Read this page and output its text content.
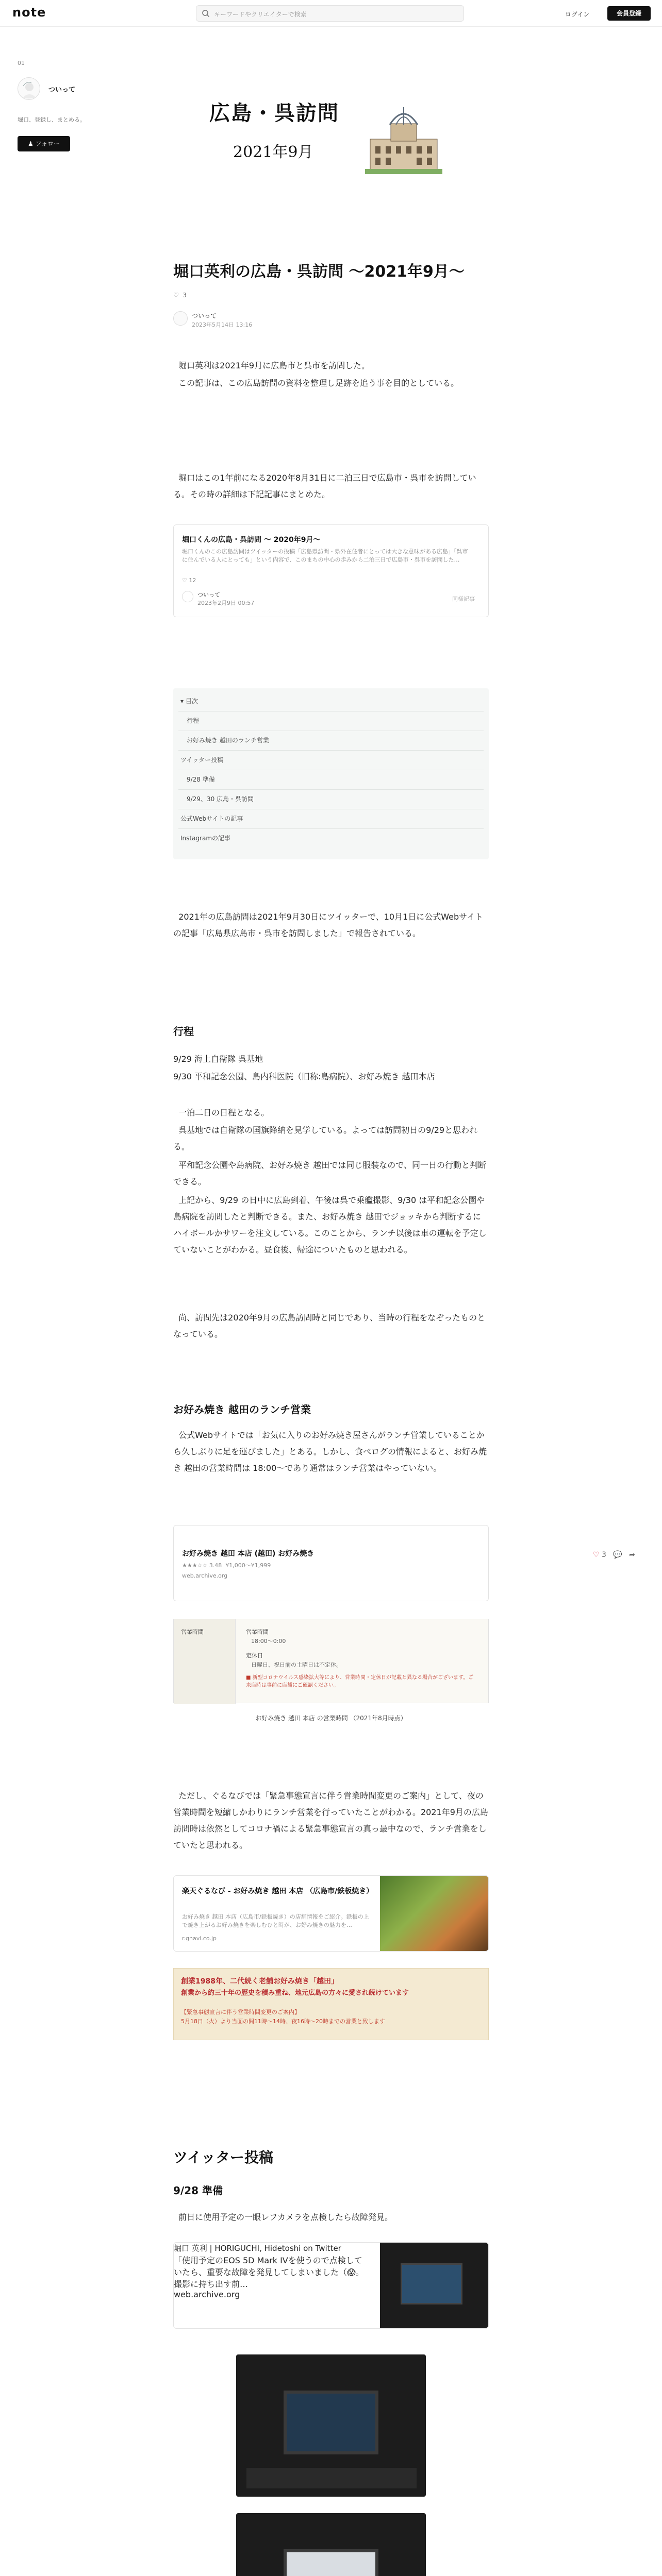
note	キーワードやクリエイターで検索	ログイン	会員登録
01
ついって
堀口、登録し、まとめる。
♟ フォロー
広島・呉訪問
2021年9月
堀口英利の広島・呉訪問 〜2021年9月〜
♡ 3
ついって
2023年5月14日 13:16
堀口英利は2021年9月に広島市と呉市を訪問した。
この記事は、この広島訪問の資料を整理し足跡を追う事を目的としている。
堀口はこの1年前になる2020年8月31日に二泊三日で広島市・呉市を訪問している。その時の詳細は下記記事にまとめた。
堀口くんの広島・呉訪問 〜 2020年9月〜
堀口くんのこの広島訪問はツイッターの投稿「広島県訪問・県外在住者にとっては大きな意味がある広島」「呉市に住んでいる人にとっても」という内容で、このまちの中心の歩みから二泊三日で広島市・呉市を訪問した…
♡ 12
ついって
2023年2月9日 00:57
同様記事
▾ 目次
行程
お好み焼き 越田のランチ営業
ツイッター投稿
9/28 準備
9/29、30 広島・呉訪問
公式Webサイトの記事
Instagramの記事
2021年の広島訪問は2021年9月30日にツイッターで、10月1日に公式Webサイトの記事「広島県広島市・呉市を訪問しました」で報告されている。
行程
9/29 海上自衛隊 呉基地
9/30 平和記念公園、島内科医院（旧称:島病院）、お好み焼き 越田本店
一泊二日の日程となる。
呉基地では自衛隊の国旗降納を見学している。よっては訪問初日の9/29と思われる。
平和記念公園や島病院、お好み焼き 越田では同じ服装なので、同一日の行動と判断できる。
上記から、9/29 の日中に広島到着、午後は呉で乗艦撮影、9/30 は平和記念公園や島病院を訪問したと判断できる。また、お好み焼き 越田でジョッキから判断するにハイボールかサワーを注文している。このことから、ランチ以後は車の運転を予定していないことがわかる。昼食後、帰途についたものと思われる。
尚、訪問先は2020年9月の広島訪問時と同じであり、当時の行程をなぞったものとなっている。
お好み焼き 越田のランチ営業
公式Webサイトでは「お気に入りのお好み焼き屋さんがランチ営業していることから久しぶりに足を運びました」とある。しかし、食べログの情報によると、お好み焼き 越田の営業時間は 18:00〜であり通常はランチ営業はやっていない。
お好み焼き 越田 本店 (越田) お好み焼き
★★★☆☆ 3.48 ¥1,000〜¥1,999
web.archive.org
営業時間	営業時間
18:00〜0:00
定休日
日曜日、祝日前の土曜日は不定休。
■ 新型コロナウイルス感染拡大等により、営業時間・定休日が記載と異なる場合がございます。ご来店時は事前に店舗にご確認ください。
お好み焼き 越田 本店 の営業時間 （2021年8月時点）
ただし、ぐるなびでは「緊急事態宣言に伴う営業時間変更のご案内」として、夜の営業時間を短縮しかわりにランチ営業を行っていたことがわかる。2021年9月の広島訪問時は依然としてコロナ禍による緊急事態宣言の真っ最中なので、ランチ営業をしていたと思われる。
楽天ぐるなび - お好み焼き 越田 本店 （広島市/鉄板焼き）
お好み焼き 越田 本店（広島市/鉄板焼き）の店舗情報をご紹介。鉄板の上で焼き上がるお好み焼きを楽しむひと時が、お好み焼きの魅力を…
r.gnavi.co.jp
創業1988年、二代続く老舗お好み焼き「越田」
創業から約三十年の歴史を積み重ね、地元広島の方々に愛され続けています
【緊急事態宣言に伴う営業時間変更のご案内】
5月18日（火）より当面の間11時〜14時、夜16時〜20時までの営業と致します
♡ 3 💬 ➦
ツイッター投稿
9/28 準備
前日に使用予定の一眼レフカメラを点検したら故障発見。
堀口 英利 | HORIGUCHI, Hidetoshi on Twitter
「使用予定のEOS 5D Mark IVを使うので点検していたら、重要な故障を発見してしまいました（😱。撮影に持ち出す前…
web.archive.org
